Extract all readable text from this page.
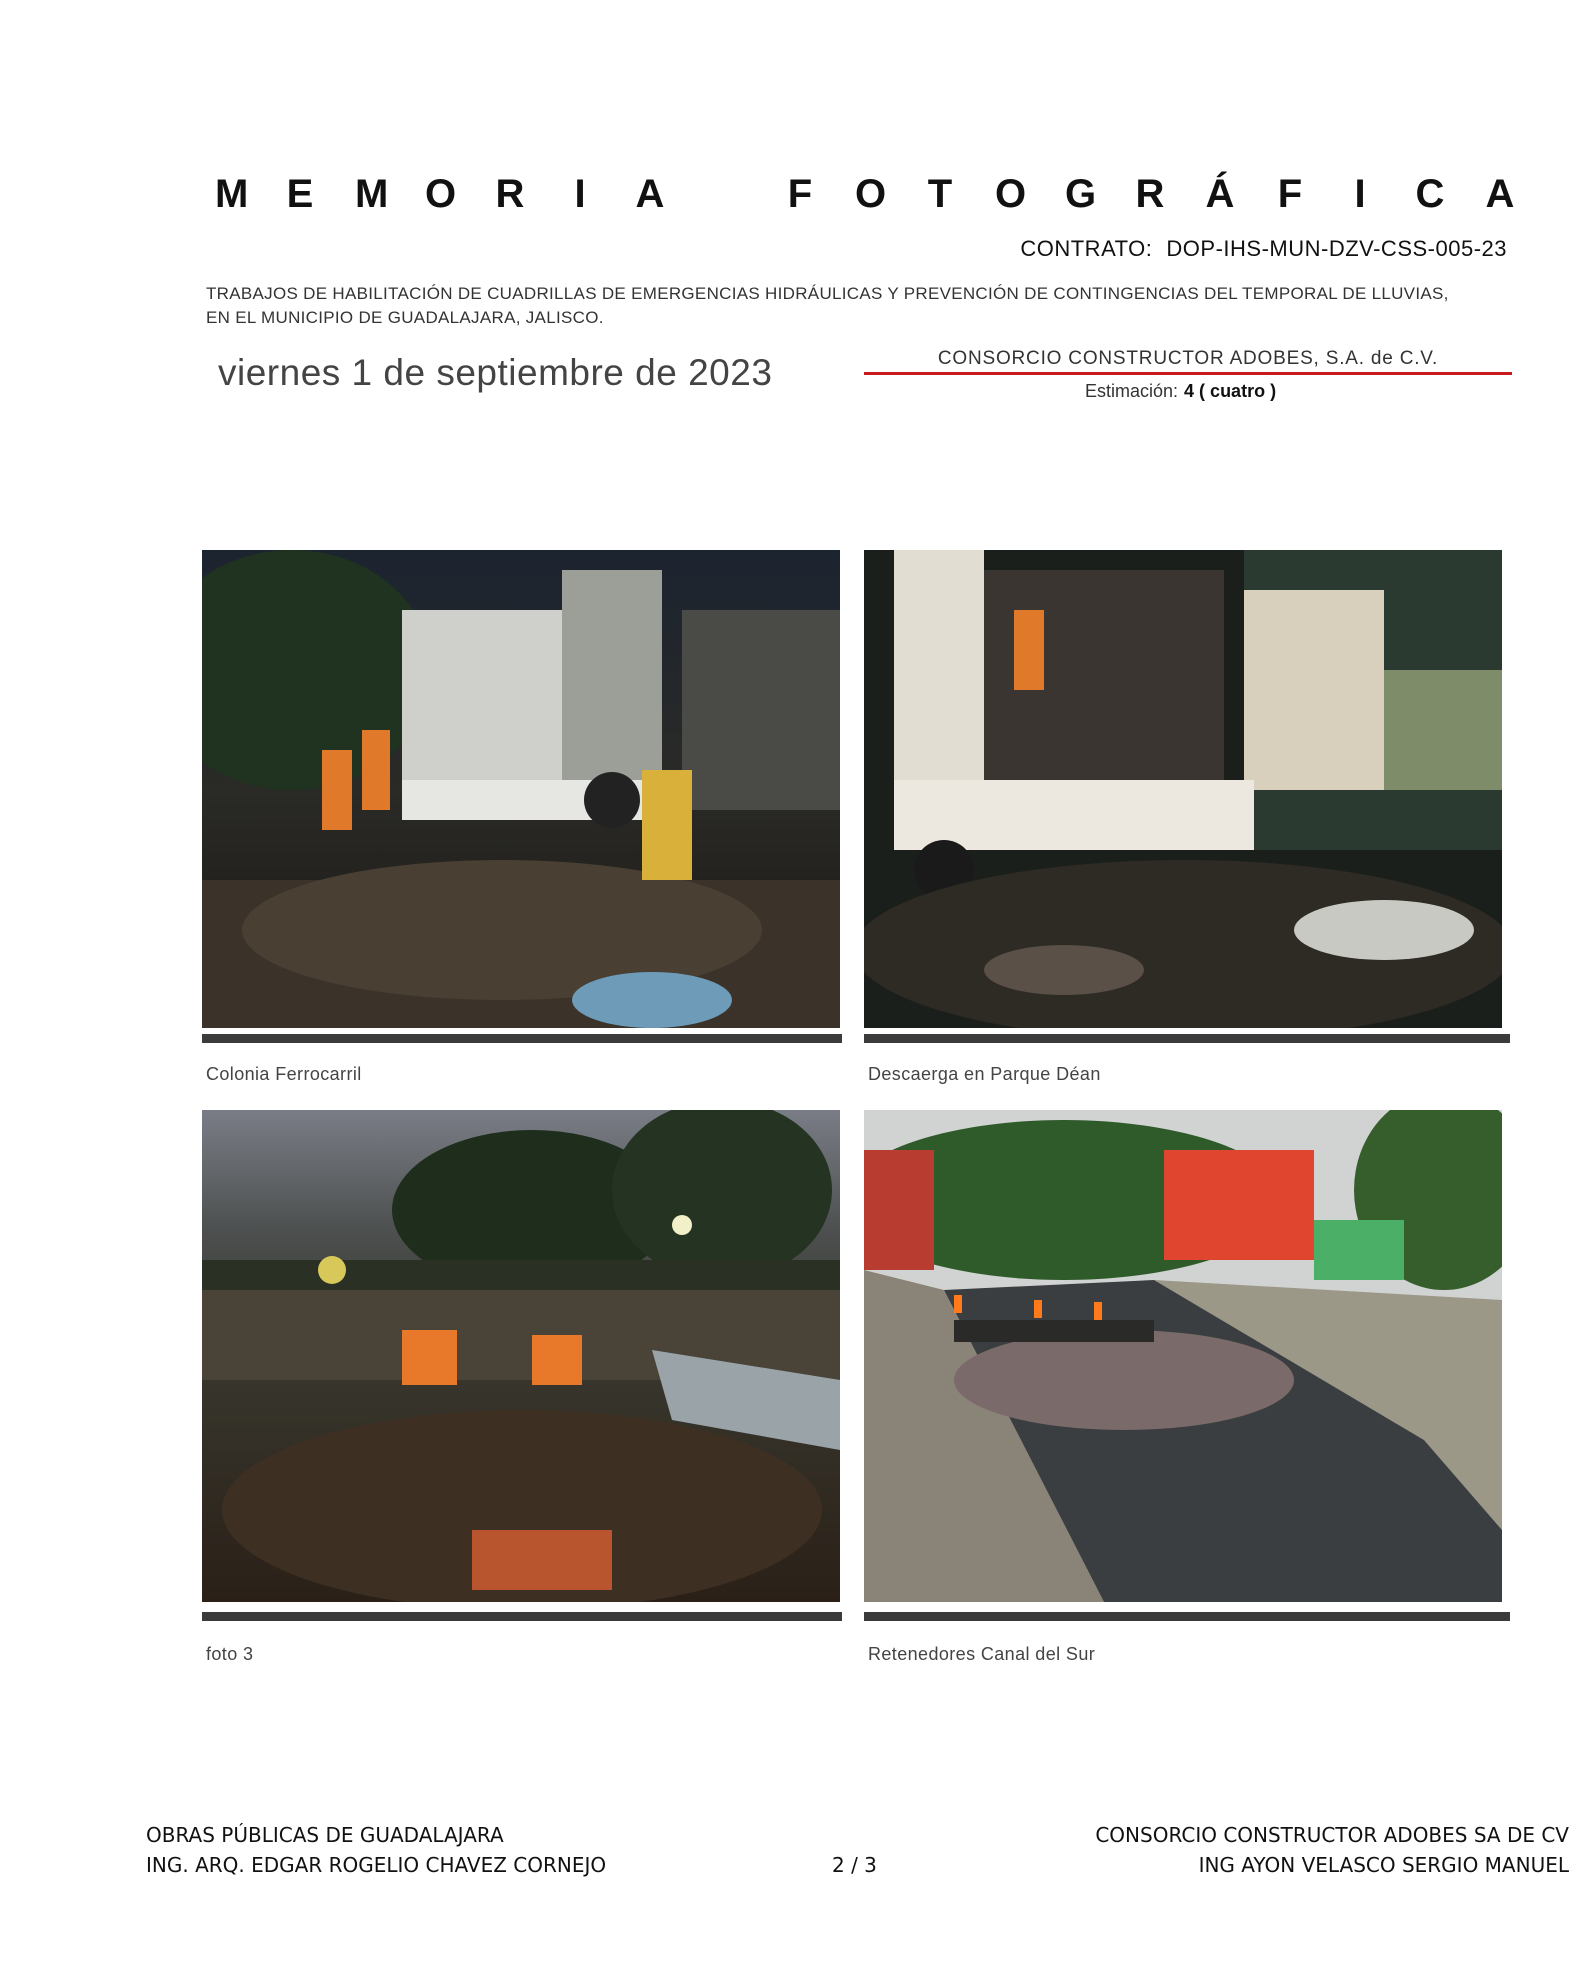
M E M O R I A	F O T O G R Á F I C A
CONTRATO: DOP-IHS-MUN-DZV-CSS-005-23
TRABAJOS DE HABILITACIÓN DE CUADRILLAS DE EMERGENCIAS HIDRÁULICAS Y PREVENCIÓN DE CONTINGENCIAS DEL TEMPORAL DE LLUVIAS,
EN EL MUNICIPIO DE GUADALAJARA, JALISCO.
viernes 1 de septiembre de 2023	CONSORCIO CONSTRUCTOR ADOBES, S.A. de C.V.
Estimación: 4 ( cuatro )
Colonia Ferrocarril	Descaerga en Parque Déan
foto 3	Retenedores Canal del Sur
OBRAS PÚBLICAS DE GUADALAJARA
ING. ARQ. EDGAR ROGELIO CHAVEZ CORNEJO	2 / 3
CONSORCIO CONSTRUCTOR ADOBES SA DE CV
ING AYON VELASCO SERGIO MANUEL
